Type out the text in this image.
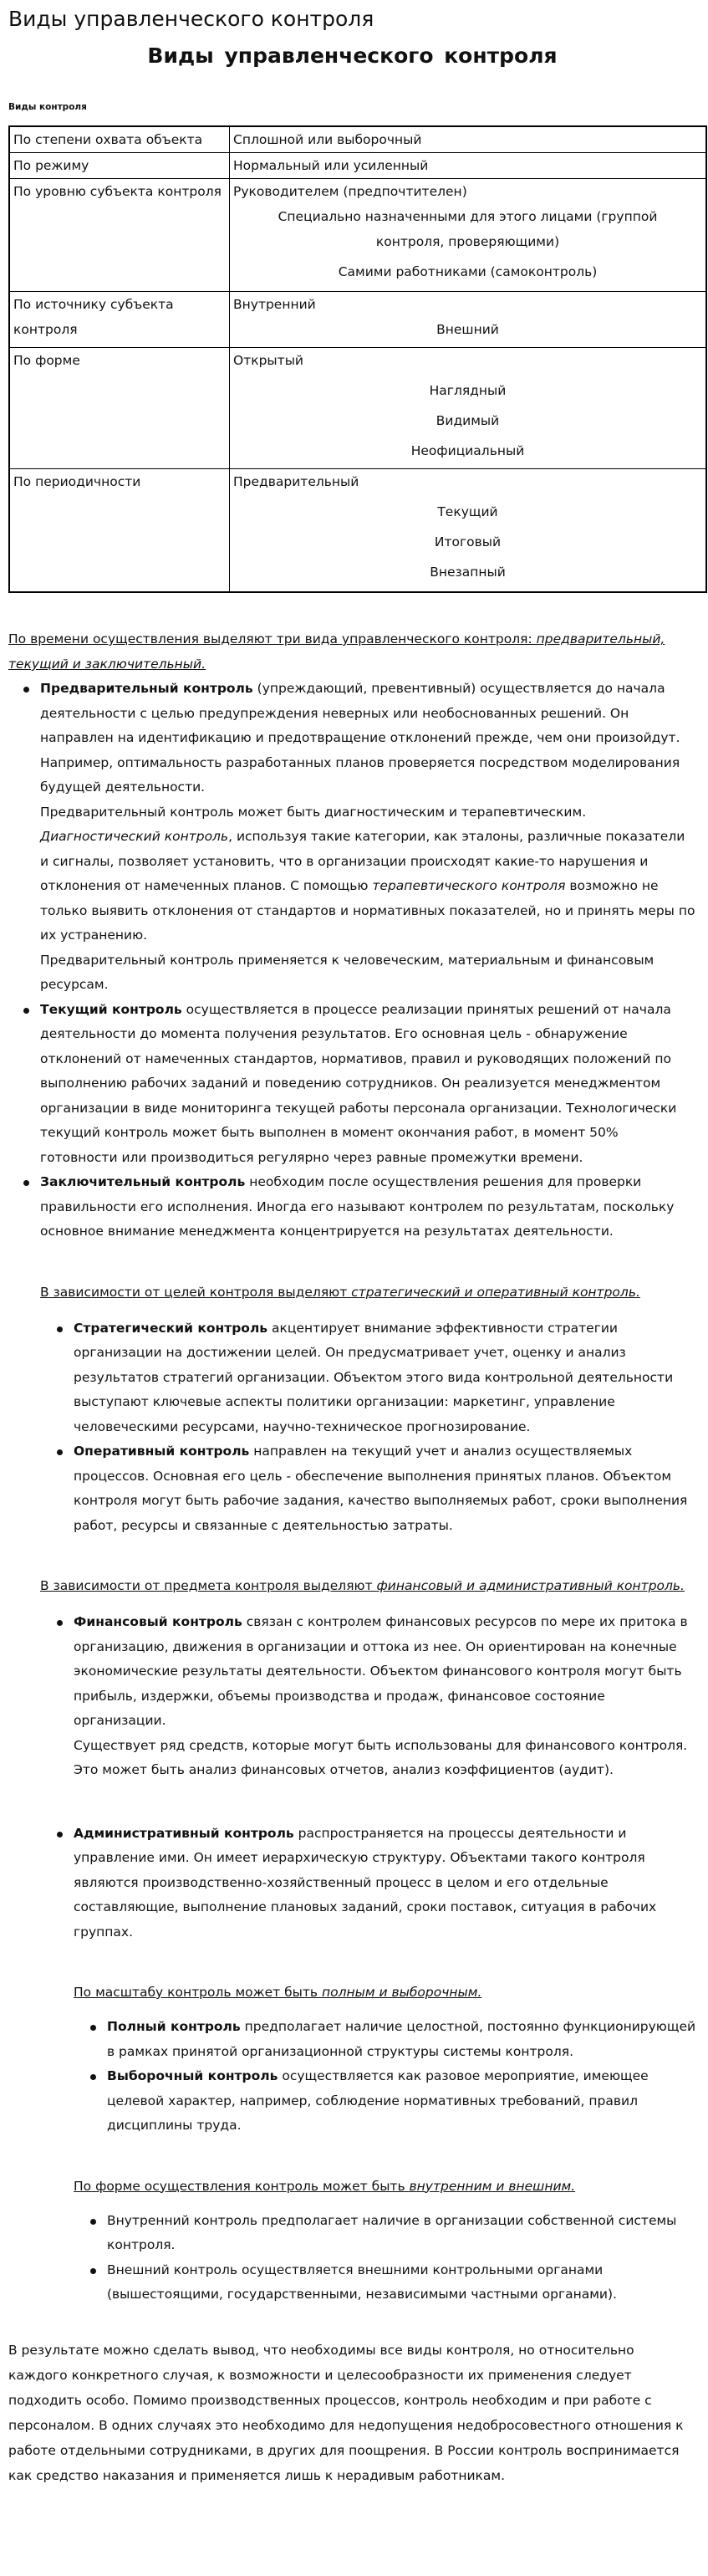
Виды управленческого контроля
Виды управленческого контроля
Виды контроля
По степени охвата объекта	Сплошной или выборочный

По режиму	Нормальный или усиленный

По уровню субъекта контроля	Руководителем (предпочтителен)
Специально назначенными для этого лицами (группой контроля, проверяющими)
Самими работниками (самоконтроль)

По источнику субъекта контроля	Внутренний
Внешний

По форме	Открытый
Наглядный
Видимый
Неофициальный

По периодичности	Предварительный
Текущий
Итоговый
Внезапный

По времени осуществления выделяют три вида управленческого контроля: предварительный, текущий и заключительный.

Предварительный контроль (упреждающий, превентивный) осуществляется до начала деятельности с целью предупреждения неверных или необоснованных решений. Он направлен на идентификацию и предотвращение отклонений прежде, чем они произойдут. Например, оптимальность разработанных планов проверяется посредством моделирования будущей деятельности.

Предварительный контроль может быть диагностическим и терапевтическим.

Диагностический контроль, используя такие категории, как эталоны, различные показатели и сигналы, позволяет установить, что в организации происходят какие-то нарушения и отклонения от намеченных планов. С помощью терапевтического контроля возможно не только выявить отклонения от стандартов и нормативных показателей, но и принять меры по их устранению.

Предварительный контроль применяется к человеческим, материальным и финансовым ресурсам.

Текущий контроль осуществляется в процессе реализации принятых решений от начала деятельности до момента получения результатов. Его основная цель - обнаружение отклонений от намеченных стандартов, нормативов, правил и руководящих положений по выполнению рабочих заданий и поведению сотрудников. Он реализуется менеджментом организации в виде мониторинга текущей работы персонала организации. Технологически текущий контроль может быть выполнен в момент окончания работ, в момент 50% готовности или производиться регулярно через равные промежутки времени.

Заключительный контроль необходим после осуществления решения для проверки правильности его исполнения. Иногда его называют контролем по результатам, поскольку основное внимание менеджмента концентрируется на результатах деятельности.

В зависимости от целей контроля выделяют стратегический и оперативный контроль.

Стратегический контроль акцентирует внимание эффективности стратегии организации на достижении целей. Он предусматривает учет, оценку и анализ результатов стратегий организации. Объектом этого вида контрольной деятельности выступают ключевые аспекты политики организации: маркетинг, управление человеческими ресурсами, научно-техническое прогнозирование.

Оперативный контроль направлен на текущий учет и анализ осуществляемых процессов. Основная его цель - обеспечение выполнения принятых планов. Объектом контроля могут быть рабочие задания, качество выполняемых работ, сроки выполнения работ, ресурсы и связанные с деятельностью затраты.

В зависимости от предмета контроля выделяют финансовый и административный контроль.

Финансовый контроль связан с контролем финансовых ресурсов по мере их притока в организацию, движения в организации и оттока из нее. Он ориентирован на конечные экономические результаты деятельности. Объектом финансового контроля могут быть прибыль, издержки, объемы производства и продаж, финансовое состояние организации.

Существует ряд средств, которые могут быть использованы для финансового контроля. Это может быть анализ финансовых отчетов, анализ коэффициентов (аудит).

Административный контроль распространяется на процессы деятельности и управление ими. Он имеет иерархическую структуру. Объектами такого контроля являются производственно-хозяйственный процесс в целом и его отдельные составляющие, выполнение плановых заданий, сроки поставок, ситуация в рабочих группах.

По масштабу контроль может быть полным и выборочным.

Полный контроль предполагает наличие целостной, постоянно функционирующей в рамках принятой организационной структуры системы контроля.

Выборочный контроль осуществляется как разовое мероприятие, имеющее целевой характер, например, соблюдение нормативных требований, правил дисциплины труда.

По форме осуществления контроль может быть внутренним и внешним.

Внутренний контроль предполагает наличие в организации собственной системы контроля.

Внешний контроль осуществляется внешними контрольными органами (вышестоящими, государственными, независимыми частными органами).

В результате можно сделать вывод, что необходимы все виды контроля, но относительно каждого конкретного случая, к возможности и целесообразности их применения следует подходить особо. Помимо производственных процессов, контроль необходим и при работе с персоналом. В одних случаях это необходимо для недопущения недобросовестного отношения к работе отдельными сотрудниками, в других для поощрения. В России контроль воспринимается как средство наказания и применяется лишь к нерадивым работникам.
